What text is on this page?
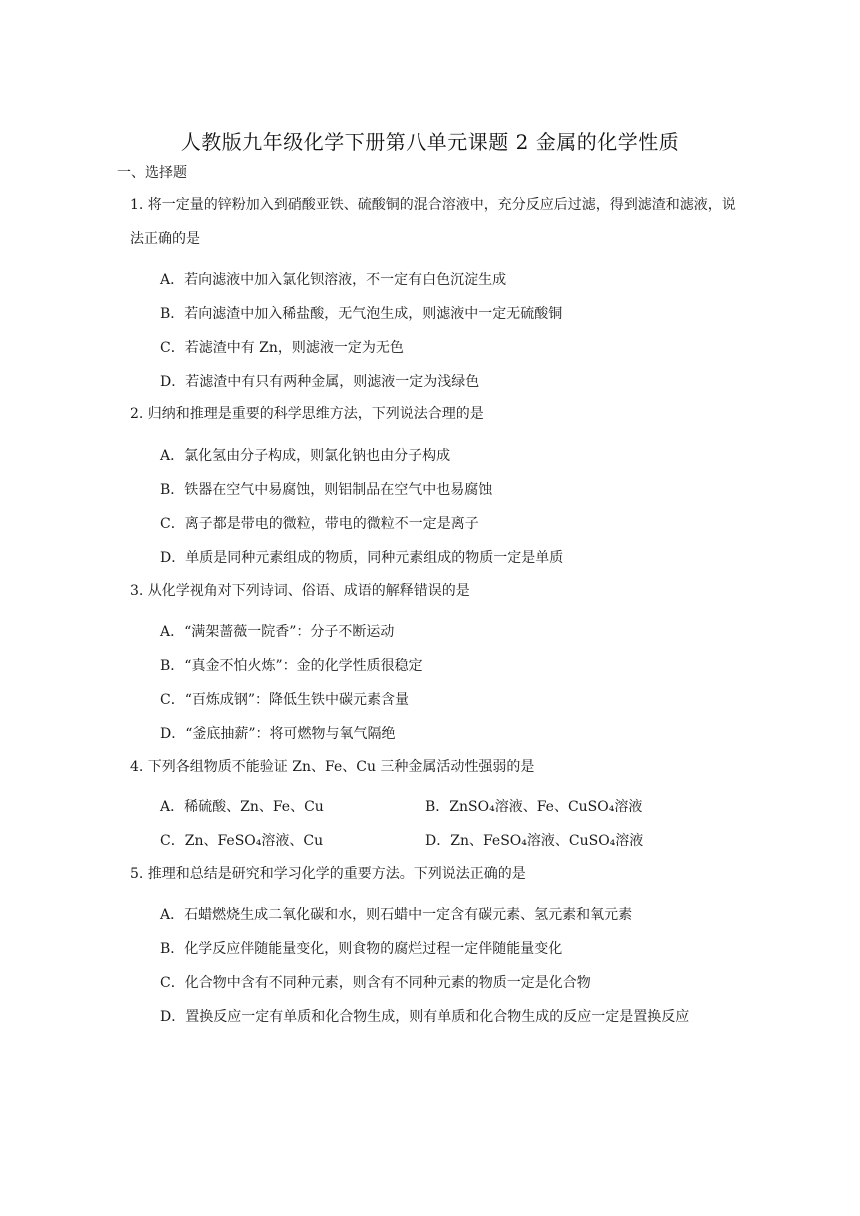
人教版九年级化学下册第八单元课题 2 金属的化学性质
一、选择题
1. 将一定量的锌粉加入到硝酸亚铁、硫酸铜的混合溶液中，充分反应后过滤，得到滤渣和滤液，说法正确的是
A．若向滤液中加入氯化钡溶液，不一定有白色沉淀生成
B．若向滤渣中加入稀盐酸，无气泡生成，则滤液中一定无硫酸铜
C．若滤渣中有 Zn，则滤液一定为无色
D．若滤渣中有只有两种金属，则滤液一定为浅绿色
2. 归纳和推理是重要的科学思维方法，下列说法合理的是
A．氯化氢由分子构成，则氯化钠也由分子构成
B．铁器在空气中易腐蚀，则铝制品在空气中也易腐蚀
C．离子都是带电的微粒，带电的微粒不一定是离子
D．单质是同种元素组成的物质，同种元素组成的物质一定是单质
3. 从化学视角对下列诗词、俗语、成语的解释错误的是
A．“满架蔷薇一院香”：分子不断运动
B．“真金不怕火炼”：金的化学性质很稳定
C．“百炼成钢”：降低生铁中碳元素含量
D．“釜底抽薪”：将可燃物与氧气隔绝
4. 下列各组物质不能验证 Zn、Fe、Cu 三种金属活动性强弱的是
A．稀硫酸、Zn、Fe、Cu	B．ZnSO₄溶液、Fe、CuSO₄溶液
C．Zn、FeSO₄溶液、Cu	D．Zn、FeSO₄溶液、CuSO₄溶液
5. 推理和总结是研究和学习化学的重要方法。下列说法正确的是
A．石蜡燃烧生成二氧化碳和水，则石蜡中一定含有碳元素、氢元素和氧元素
B．化学反应伴随能量变化，则食物的腐烂过程一定伴随能量变化
C．化合物中含有不同种元素，则含有不同种元素的物质一定是化合物
D．置换反应一定有单质和化合物生成，则有单质和化合物生成的反应一定是置换反应
